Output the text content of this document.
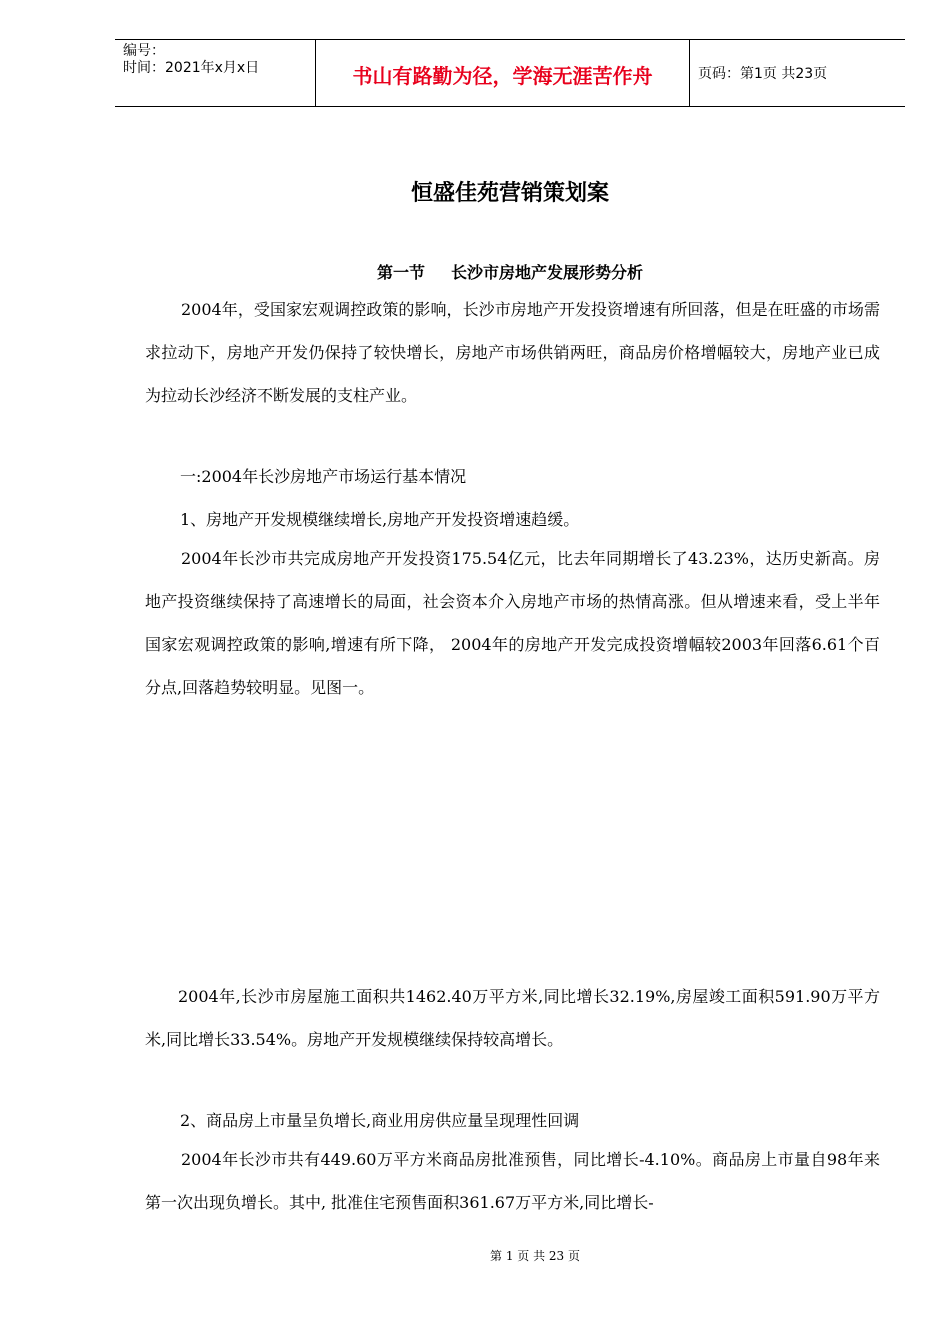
编号：
时间：2021年x月x日	书山有路勤为径，学海无涯苦作舟	页码：第1页 共23页
恒盛佳苑营销策划案
第一节 长沙市房地产发展形势分析

2004年，受国家宏观调控政策的影响，长沙市房地产开发投资增速有所回落，但是在旺盛的市场需求拉动下，房地产开发仍保持了较快增长，房地产市场供销两旺，商品房价格增幅较大，房地产业已成为拉动长沙经济不断发展的支柱产业。

一:2004年长沙房地产市场运行基本情况

1、房地产开发规模继续增长,房地产开发投资增速趋缓。

2004年长沙市共完成房地产开发投资175.54亿元，比去年同期增长了43.23%，达历史新高。房地产投资继续保持了高速增长的局面，社会资本介入房地产市场的热情高涨。但从增速来看，受上半年国家宏观调控政策的影响,增速有所下降， 2004年的房地产开发完成投资增幅较2003年回落6.61个百分点,回落趋势较明显。见图一。

2004年,长沙市房屋施工面积共1462.40万平方米,同比增长32.19%,房屋竣工面积591.90万平方米,同比增长33.54%。房地产开发规模继续保持较高增长。

2、商品房上市量呈负增长,商业用房供应量呈现理性回调

2004年长沙市共有449.60万平方米商品房批准预售，同比增长-4.10%。商品房上市量自98年来第一次出现负增长。其中, 批准住宅预售面积361.67万平方米,同比增长-

第 1 页 共 23 页
